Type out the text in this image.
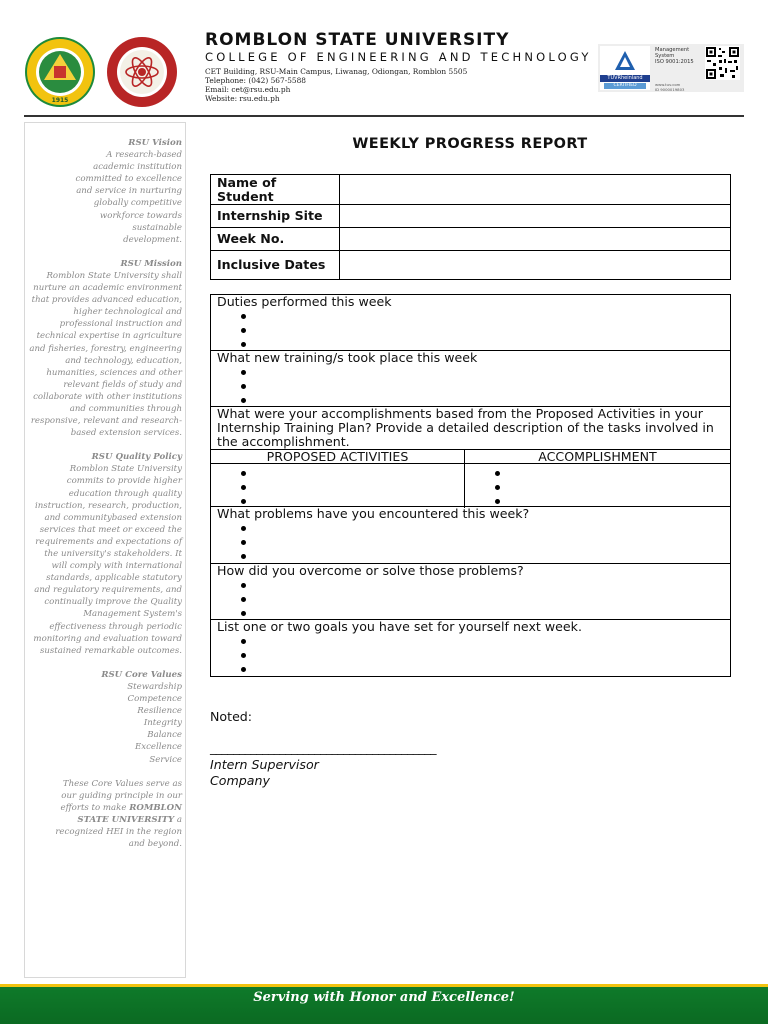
1915
ROMBLON STATE UNIVERSITY
COLLEGE OF ENGINEERING AND TECHNOLOGY
CET Building, RSU-Main Campus, Liwanag, Odiongan, Romblon 5505
Telephone: (042) 567-5588
Email: cet@rsu.edu.ph
Website: rsu.edu.ph
TÜVRheinland
CERTIFIED
Management
System
ISO 9001:2015
www.tuv.com
ID 9000019803
RSU Vision
A research-based academic institution committed to excellence and service in nurturing globally competitive workforce towards sustainable development.
RSU Mission
Romblon State University shall nurture an academic environment that provides advanced education, higher technological and professional instruction and technical expertise in agriculture and fisheries, forestry, engineering and technology, education, humanities, sciences and other relevant fields of study and collaborate with other institutions and communities through responsive, relevant and research-based extension services.
RSU Quality Policy
Romblon State University commits to provide higher education through quality instruction, research, production, and communitybased extension services that meet or exceed the requirements and expectations of the university's stakeholders. It will comply with international standards, applicable statutory and regulatory requirements, and continually improve the Quality Management System's effectiveness through periodic monitoring and evaluation toward sustained remarkable outcomes.
RSU Core Values
Stewardship
Competence
Resilience
Integrity
Balance
Excellence
Service
These Core Values serve as our guiding principle in our efforts to make ROMBLON STATE UNIVERSITY a recognized HEI in the region and beyond.
WEEKLY PROGRESS REPORT
Name of Student	
Internship Site	
Week No.	
Inclusive Dates	
Duties performed this week
What new training/s took place this week
What were your accomplishments based from the Proposed Activities in your Internship Training Plan? Provide a detailed description of the tasks involved in the accomplishment.
PROPOSED ACTIVITIES	ACCOMPLISHMENT

What problems have you encountered this week?
How did you overcome or solve those problems?
List one or two goals you have set for yourself next week.
Noted:
_______________________________________
Intern Supervisor
Company
Serving with Honor and Excellence!
